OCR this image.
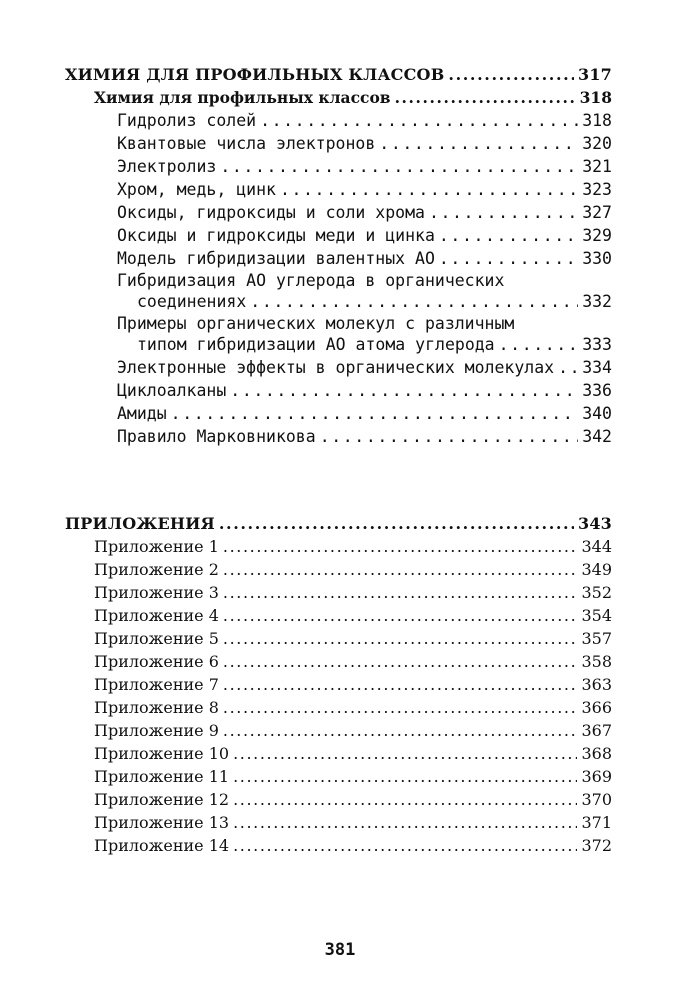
ХИМИЯ ДЛЯ ПРОФИЛЬНЫХ КЛАССОВ .....	317
Химия для профильных классов .....	318
Гидролиз солей .....	318
Квантовые числа электронов .....	320
Электролиз .....	321
Хром, медь, цинк .....	323
Оксиды, гидроксиды и соли хрома .....	327
Оксиды и гидроксиды меди и цинка .....	329
Модель гибридизации валентных АО .....	330
Гибридизация АО углерода в органических
соединениях .....	332
Примеры органических молекул с различным
типом гибридизации АО атома углерода .....	333
Электронные эффекты в органических молекулах ..... 334
Циклоалканы .....	336
Амиды .....	340
Правило Марковникова .....	342
ПРИЛОЖЕНИЯ .....	343
Приложение 1 .....	344
Приложение 2 .....	349
Приложение 3 .....	352
Приложение 4 .....	354
Приложение 5 .....	357
Приложение 6 .....	358
Приложение 7 .....	363
Приложение 8 .....	366
Приложение 9 .....	367
Приложение 10 .....	368
Приложение 11 .....	369
Приложение 12 .....	370
Приложение 13 .....	371
Приложение 14 .....	372
381
